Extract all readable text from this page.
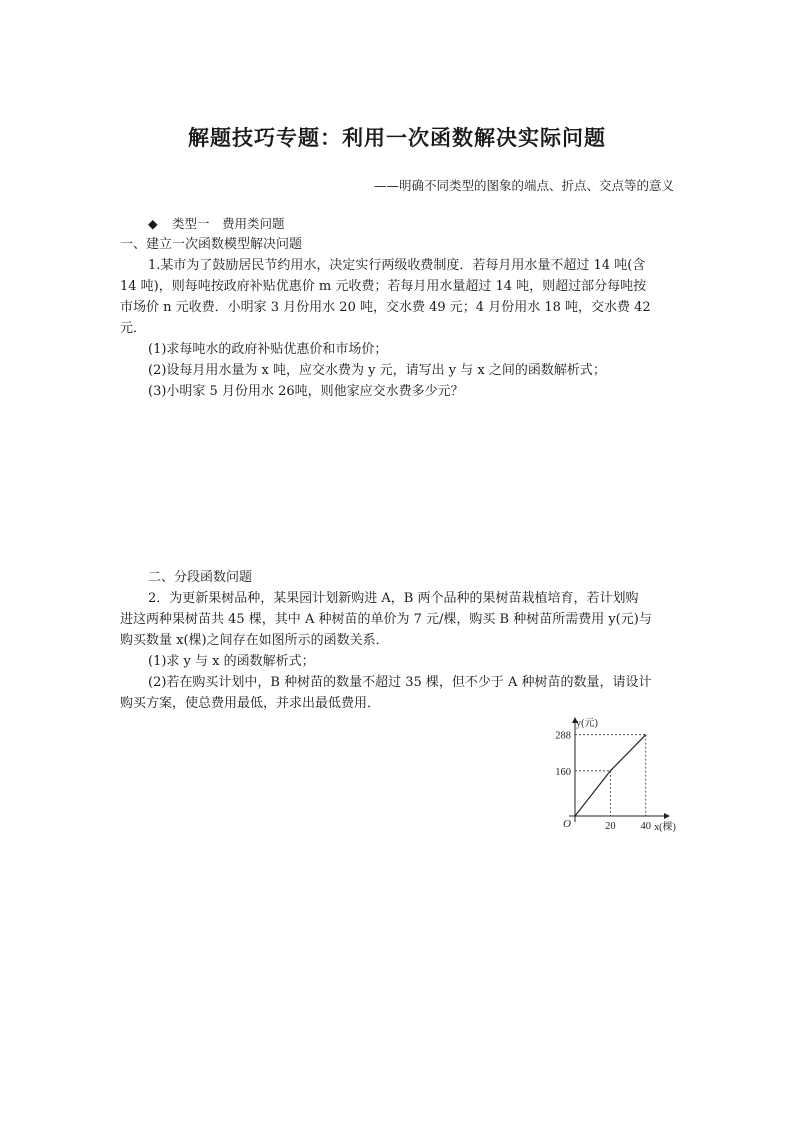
解题技巧专题：利用一次函数解决实际问题
——明确不同类型的图象的端点、折点、交点等的意义
◆ 类型一　费用类问题
一、建立一次函数模型解决问题
1.某市为了鼓励居民节约用水，决定实行两级收费制度．若每月用水量不超过 14 吨(含
14 吨)，则每吨按政府补贴优惠价 m 元收费；若每月用水量超过 14 吨，则超过部分每吨按
市场价 n 元收费．小明家 3 月份用水 20 吨，交水费 49 元；4 月份用水 18 吨，交水费 42
元．
(1)求每吨水的政府补贴优惠价和市场价；
(2)设每月用水量为 x 吨，应交水费为 y 元，请写出 y 与 x 之间的函数解析式；
(3)小明家 5 月份用水 26吨，则他家应交水费多少元？
二、分段函数问题
2．为更新果树品种，某果园计划新购进 A，B 两个品种的果树苗栽植培育，若计划购
进这两种果树苗共 45 棵，其中 A 种树苗的单价为 7 元/棵，购买 B 种树苗所需费用 y(元)与
购买数量 x(棵)之间存在如图所示的函数关系．
(1)求 y 与 x 的函数解析式；
(2)若在购买计划中，B 种树苗的数量不超过 35 棵，但不少于 A 种树苗的数量，请设计
购买方案，使总费用最低，并求出最低费用．
O	x(棵)
y(元)
20 40
160
288
